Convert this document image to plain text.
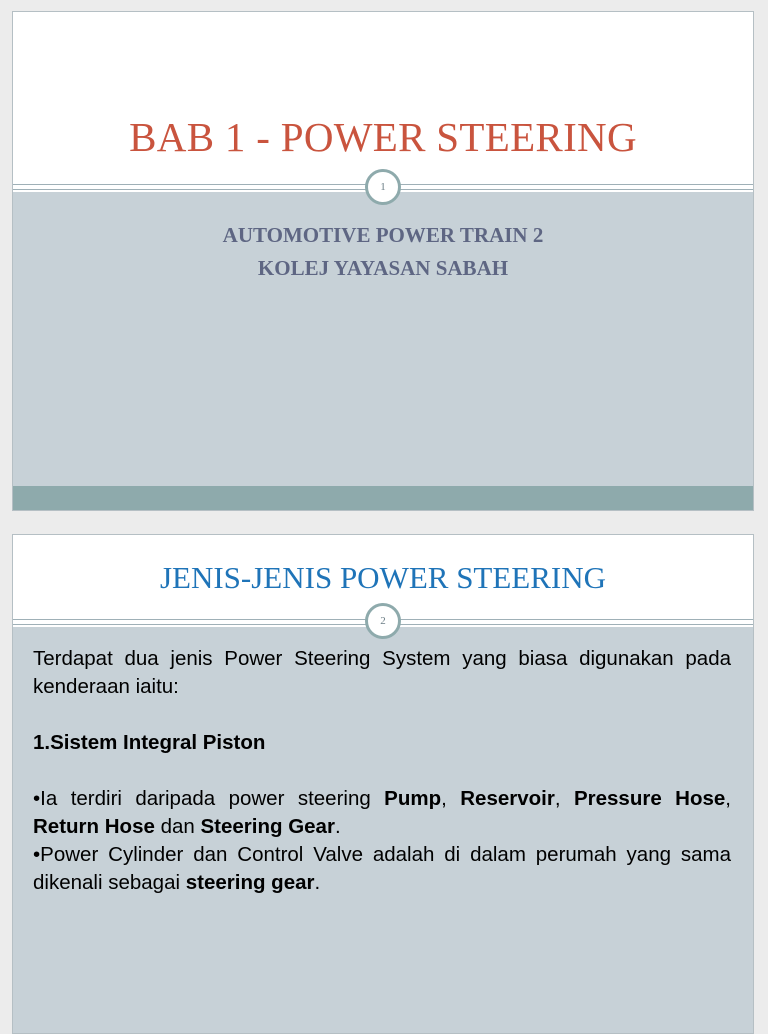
BAB 1 - POWER STEERING

AUTOMOTIVE POWER TRAIN 2

KOLEJ YAYASAN SABAH

1
JENIS-JENIS POWER STEERING

Terdapat dua jenis Power Steering System yang biasa digunakan pada kenderaan iaitu:

1.Sistem Integral Piston

•Ia terdiri daripada power steering Pump, Reservoir, Pressure Hose, Return Hose dan Steering Gear.

•Power Cylinder dan Control Valve adalah di dalam perumah yang sama dikenali sebagai steering gear.

2
